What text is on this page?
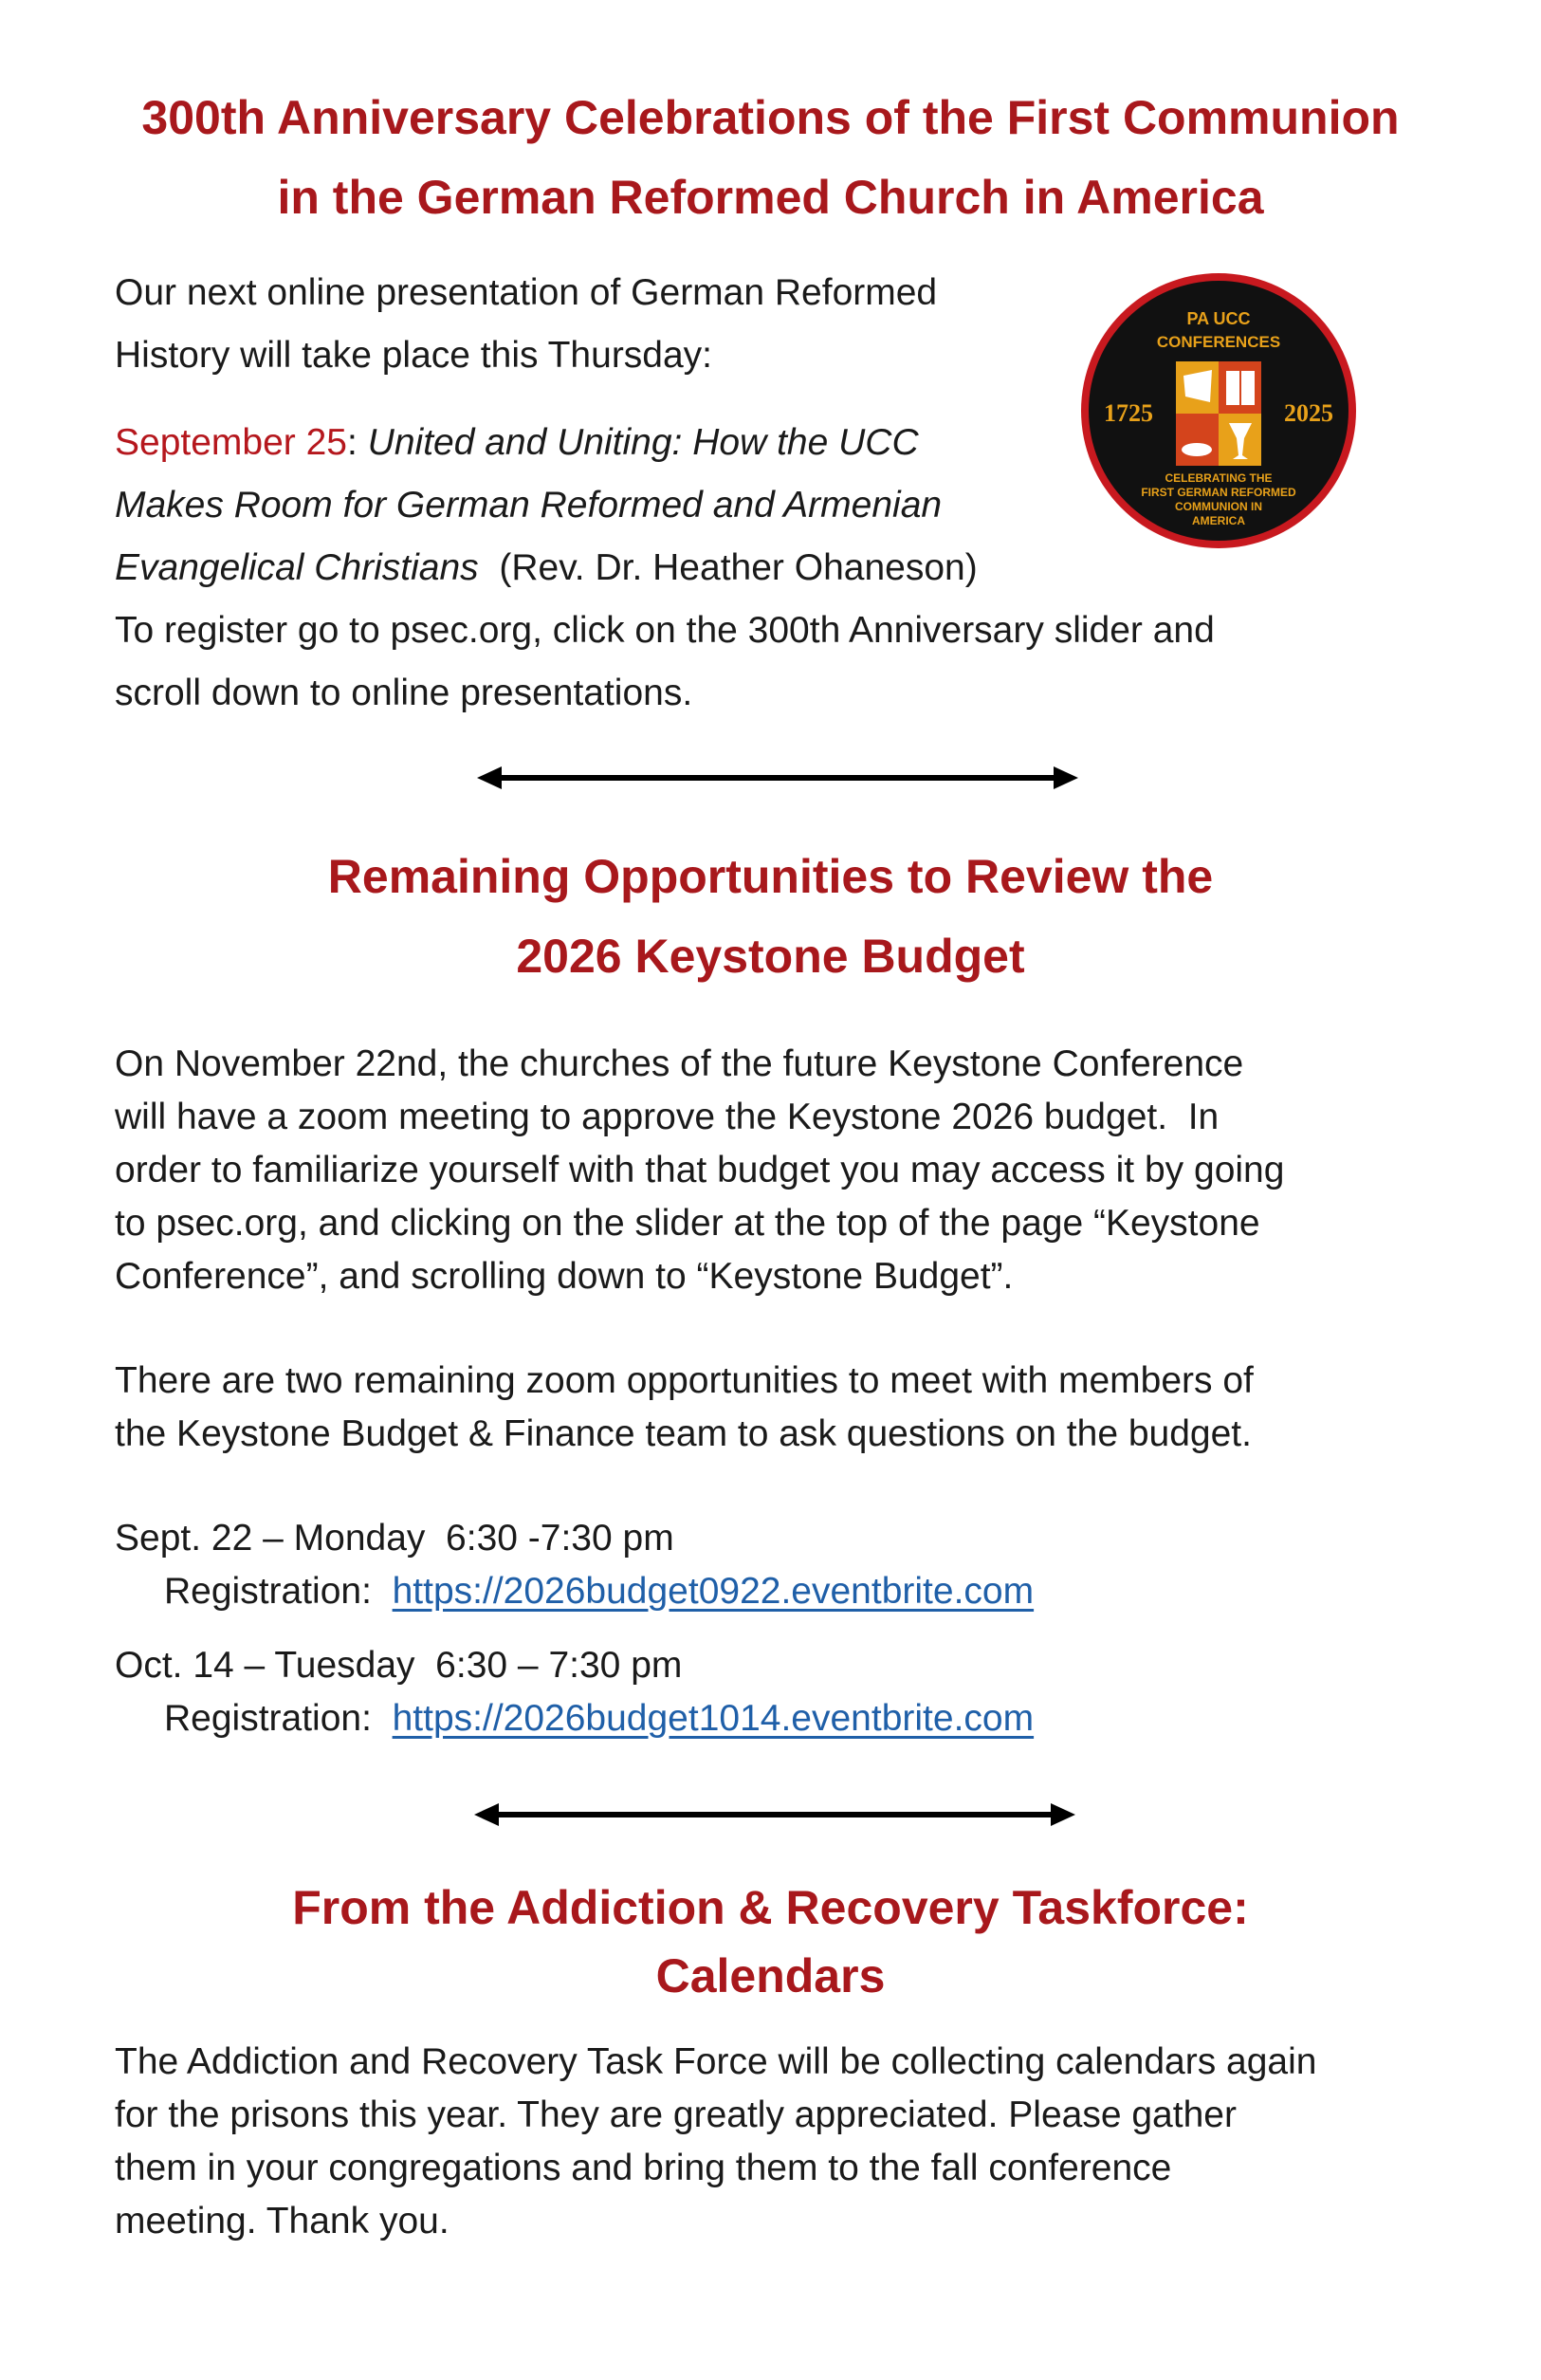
300th Anniversary Celebrations of the First Communion
in the German Reformed Church in America
Our next online presentation of German Reformed
History will take place this Thursday:
September 25: United and Uniting: How the UCC
Makes Room for German Reformed and Armenian
Evangelical Christians  (Rev. Dr. Heather Ohaneson)
To register go to psec.org, click on the 300th Anniversary slider and
scroll down to online presentations.
PA UCC
CONFERENCES
1725	2025
CELEBRATING THE
FIRST GERMAN REFORMED
COMMUNION IN
AMERICA
Remaining Opportunities to Review the
2026 Keystone Budget
On November 22nd, the churches of the future Keystone Conference
will have a zoom meeting to approve the Keystone 2026 budget.  In
order to familiarize yourself with that budget you may access it by going
to psec.org, and clicking on the slider at the top of the page “Keystone
Conference”, and scrolling down to “Keystone Budget”.
There are two remaining zoom opportunities to meet with members of
the Keystone Budget & Finance team to ask questions on the budget.
Sept. 22 – Monday  6:30 -7:30 pm
Registration:  https://2026budget0922.eventbrite.com
Oct. 14 – Tuesday  6:30 – 7:30 pm
Registration:  https://2026budget1014.eventbrite.com
From the Addiction & Recovery Taskforce:
Calendars
The Addiction and Recovery Task Force will be collecting calendars again
for the prisons this year. They are greatly appreciated. Please gather
them in your congregations and bring them to the fall conference
meeting. Thank you.
